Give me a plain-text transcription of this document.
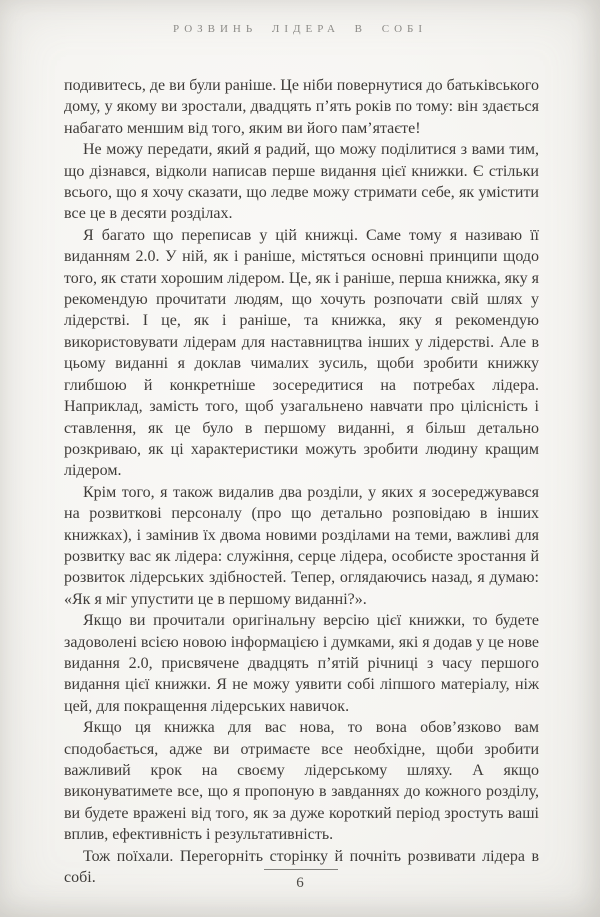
РОЗВИНЬ ЛІДЕРА В СОБІ

подивитесь, де ви були раніше. Це ніби повернутися до батьківського дому, у якому ви зростали, двадцять п’ять років по тому: він здається набагато меншим від того, яким ви його пам’ятаєте!

Не можу передати, який я радий, що можу поділитися з вами тим, що дізнався, відколи написав перше видання цієї книжки. Є стільки всього, що я хочу сказати, що ледве можу стримати себе, як умістити все це в десяти розділах.

Я багато що переписав у цій книжці. Саме тому я називаю її виданням 2.0. У ній, як і раніше, містяться основні принципи щодо того, як стати хорошим лідером. Це, як і раніше, перша книжка, яку я рекомендую прочитати людям, що хочуть розпочати свій шлях у лідерстві. І це, як і раніше, та книжка, яку я рекомендую використовувати лідерам для наставництва інших у лідерстві. Але в цьому виданні я доклав чималих зусиль, щоби зробити книжку глибшою й конкретніше зосередитися на потребах лідера. Наприклад, замість того, щоб узагальнено навчати про цілісність і ставлення, як це було в першому виданні, я більш детально розкриваю, як ці характеристики можуть зробити людину кращим лідером.

Крім того, я також видалив два розділи, у яких я зосереджувався на розвиткові персоналу (про що детально розповідаю в інших книжках), і замінив їх двома новими розділами на теми, важливі для розвитку вас як лідера: служіння, серце лідера, особисте зростання й розвиток лідерських здібностей. Тепер, оглядаючись назад, я думаю: «Як я міг упустити це в першому виданні?».

Якщо ви прочитали оригінальну версію цієї книжки, то будете задоволені всією новою інформацією і думками, які я додав у це нове видання 2.0, присвячене двадцять п’ятій річниці з часу першого видання цієї книжки. Я не можу уявити собі ліпшого матеріалу, ніж цей, для покращення лідерських навичок.

Якщо ця книжка для вас нова, то вона обов’язково вам сподобається, адже ви отримаєте все необхідне, щоби зробити важливий крок на своєму лідерському шляху. А якщо виконуватимете все, що я пропоную в завданнях до кожного розділу, ви будете вражені від того, як за дуже короткий період зростуть ваші вплив, ефективність і результативність.

Тож поїхали. Перегорніть сторінку й почніть розвивати лідера в собі.	6
